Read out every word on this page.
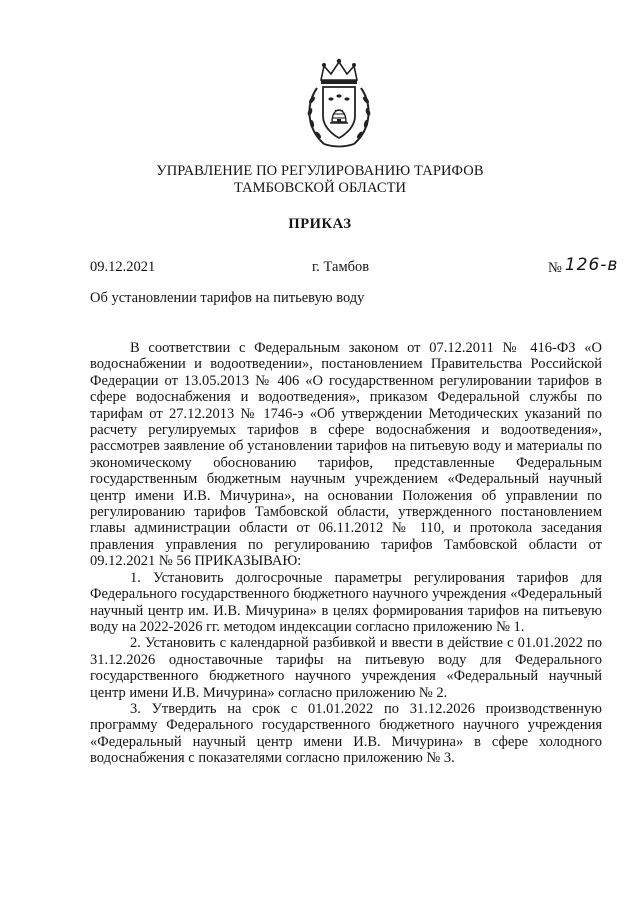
УПРАВЛЕНИЕ ПО РЕГУЛИРОВАНИЮ ТАРИФОВ
ТАМБОВСКОЙ ОБЛАСТИ
ПРИКАЗ
09.12.2021	г. Тамбов	№ 126-в
Об установлении тарифов на питьевую воду

В соответствии с Федеральным законом от 07.12.2011 № 416-ФЗ «О водоснабжении и водоотведении», постановлением Правительства Российской Федерации от 13.05.2013 № 406 «О государственном регулировании тарифов в сфере водоснабжения и водоотведения», приказом Федеральной службы по тарифам от 27.12.2013 № 1746-э «Об утверждении Методических указаний по расчету регулируемых тарифов в сфере водоснабжения и водоотведения», рассмотрев заявление об установлении тарифов на питьевую воду и материалы по экономическому обоснованию тарифов, представленные Федеральным государственным бюджетным научным учреждением «Федеральный научный центр имени И.В. Мичурина», на основании Положения об управлении по регулированию тарифов Тамбовской области, утвержденного постановлением главы администрации области от 06.11.2012 № 110, и протокола заседания правления управления по регулированию тарифов Тамбовской области от 09.12.2021 № 56 ПРИКАЗЫВАЮ:

1. Установить долгосрочные параметры регулирования тарифов для Федерального государственного бюджетного научного учреждения «Федеральный научный центр им. И.В. Мичурина» в целях формирования тарифов на питьевую воду на 2022-2026 гг. методом индексации согласно приложению № 1.

2. Установить с календарной разбивкой и ввести в действие с 01.01.2022 по 31.12.2026 одноставочные тарифы на питьевую воду для Федерального государственного бюджетного научного учреждения «Федеральный научный центр имени И.В. Мичурина» согласно приложению № 2.

3. Утвердить на срок с 01.01.2022 по 31.12.2026 производственную программу Федерального государственного бюджетного научного учреждения «Федеральный научный центр имени И.В. Мичурина» в сфере холодного водоснабжения с показателями согласно приложению № 3.
